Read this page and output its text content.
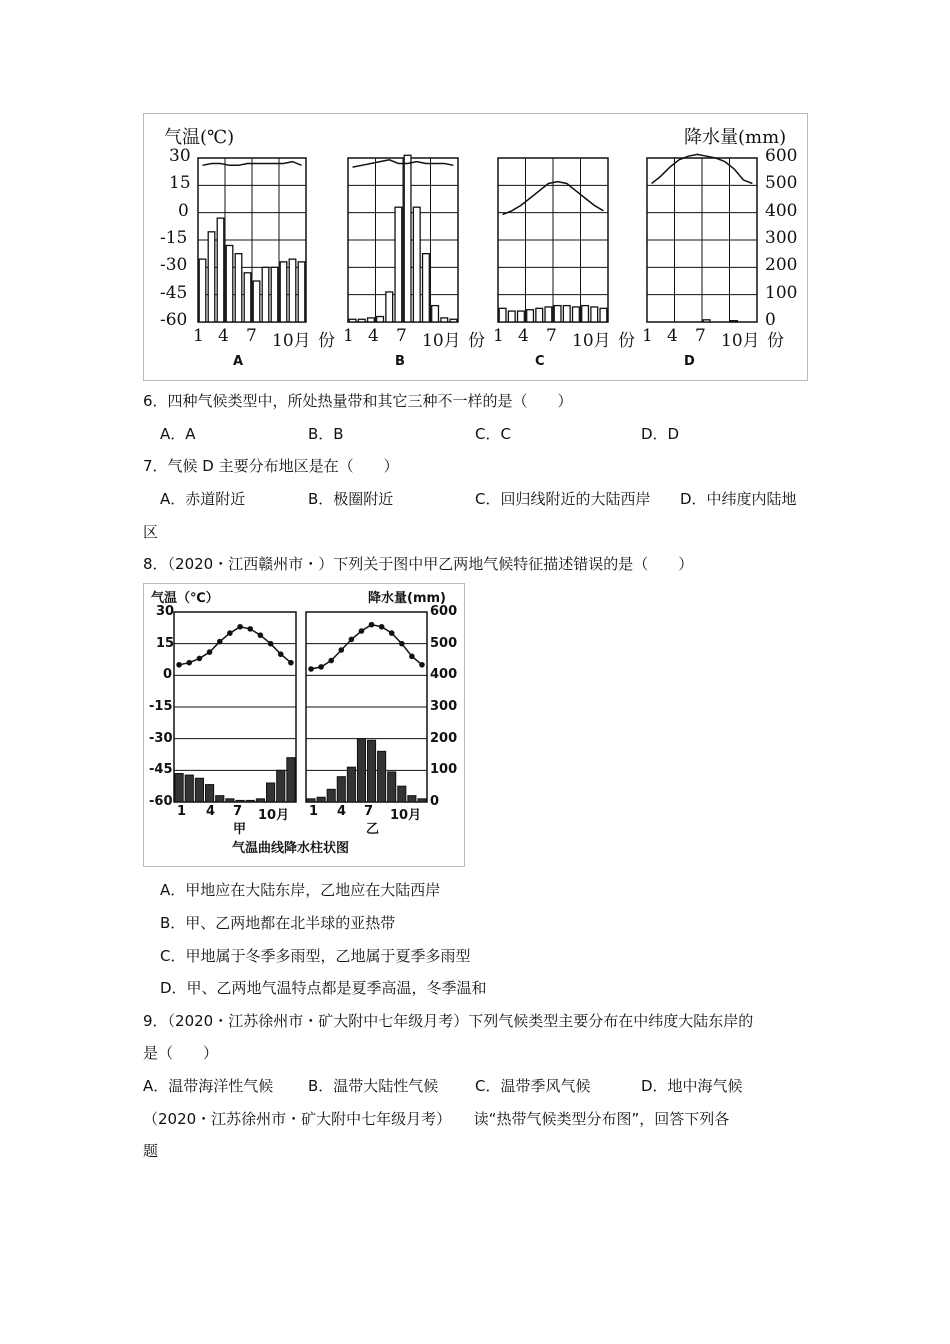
气温(℃)	降水量(mm)
30
15
0
-15
-30
-45
-60
600
500
400
300
200
100
0
1 4 7 10月 份 1 4 7 10月 份 1 4 7 10月 份 1 4 7 10月 份
A	B	C	D
6．四种气候类型中，所处热量带和其它三种不一样的是（　　）
A．A	B．B	C．C	D．D
7．气候 D 主要分布地区是在（　　）
A．赤道附近	B．极圈附近	C．回归线附近的大陆西岸 D．中纬度内陆地
区
8．（2020・江西赣州市・）下列关于图中甲乙两地气候特征描述错误的是（　　）
气温（℃）	降水量(mm)
30
15
0
-15
-30
-45
-60
600
500
400
300
200
100
0
1 4 7 10月 1 4 7 10月
甲	乙
气温曲线降水柱状图
A．甲地应在大陆东岸，乙地应在大陆西岸
B．甲、乙两地都在北半球的亚热带
C．甲地属于冬季多雨型，乙地属于夏季多雨型
D．甲、乙两地气温特点都是夏季高温，冬季温和
9．（2020・江苏徐州市・矿大附中七年级月考）下列气候类型主要分布在中纬度大陆东岸的
是（　　）
A．温带海洋性气候 B．温带大陆性气候 C．温带季风气候	D．地中海气候
（2020・江苏徐州市・矿大附中七年级月考）　　读“热带气候类型分布图”，回答下列各
题
